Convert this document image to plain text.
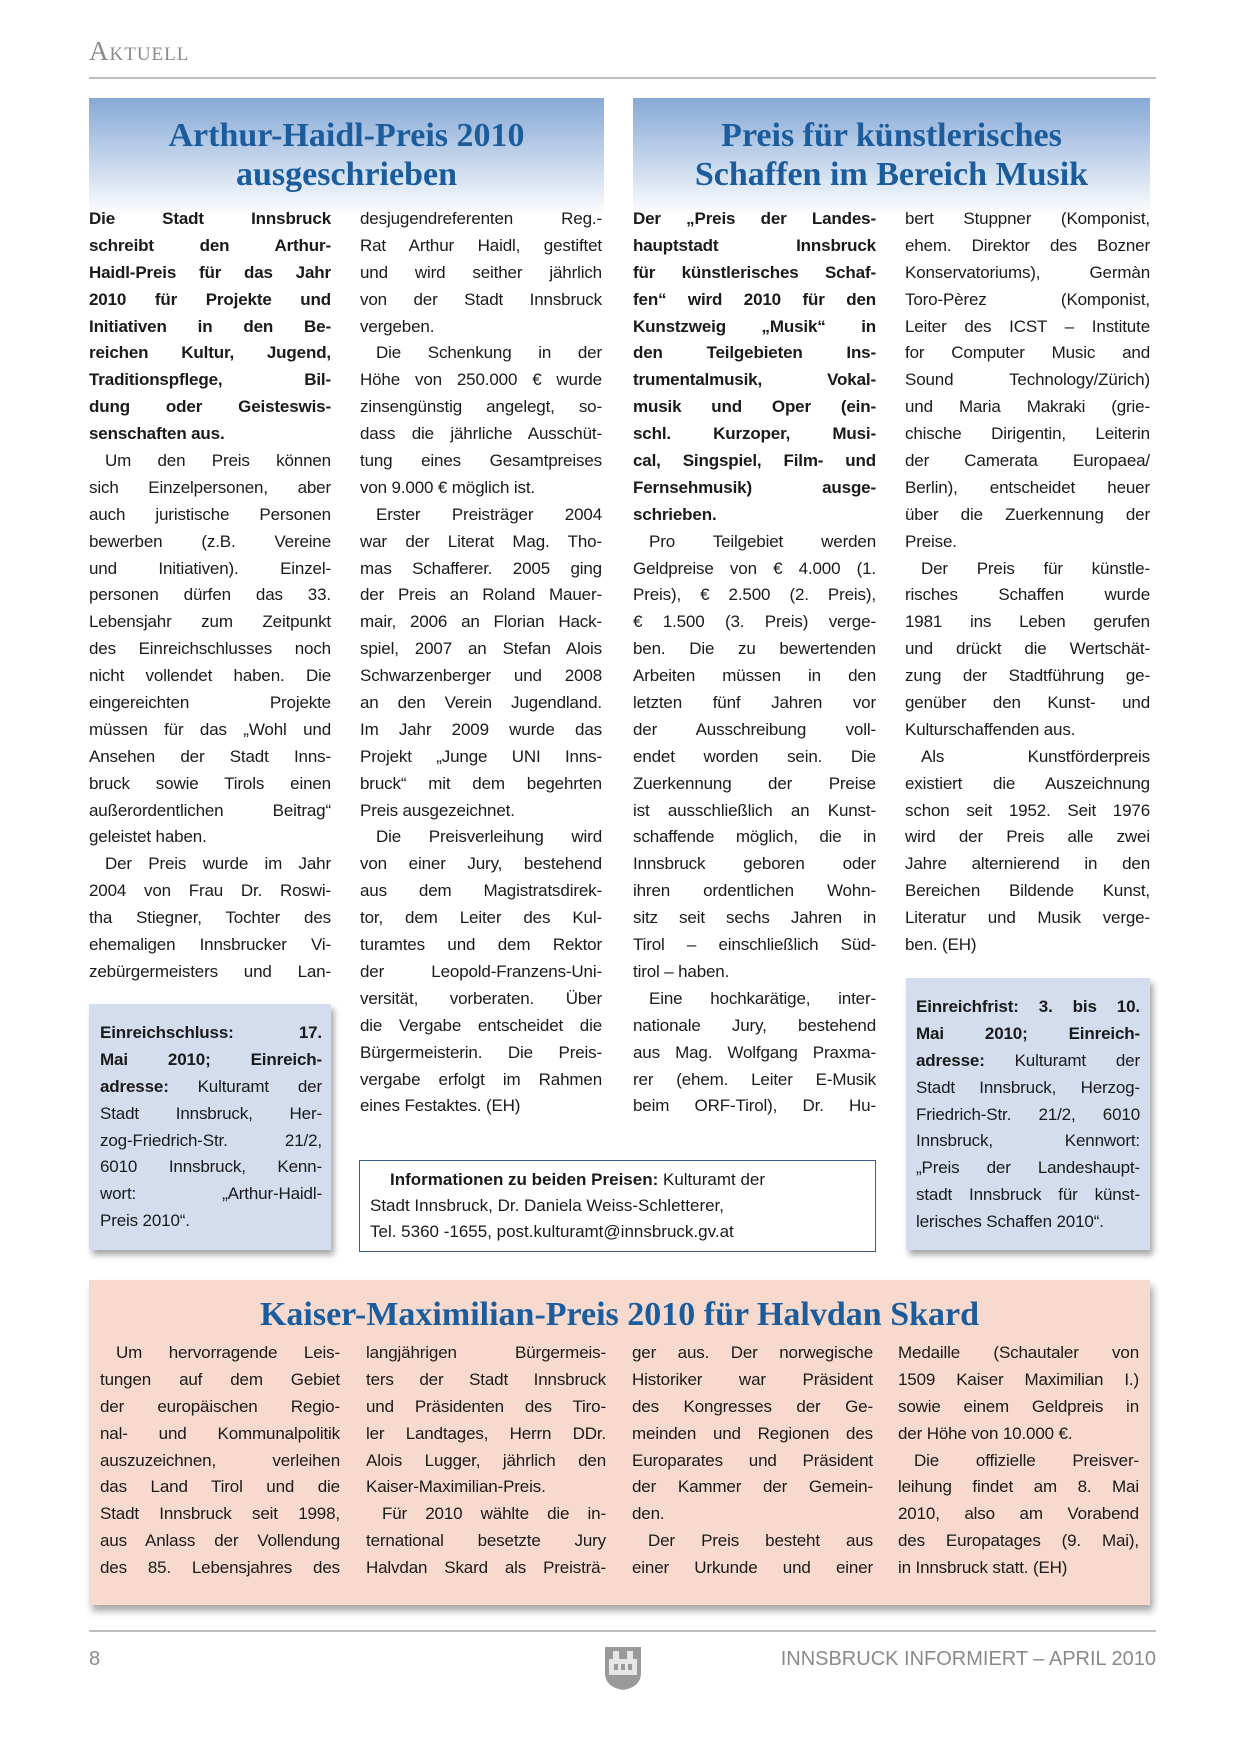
Aktuell
Arthur-Haidl-Preis 2010
ausgeschrieben
Die Stadt Innsbruck
schreibt den Arthur-
Haidl-Preis für das Jahr
2010 für Projekte und
Initiativen in den Be-
reichen Kultur, Jugend,
Traditionspflege, Bil-
dung oder Geisteswis-
senschaften aus.
Um den Preis können
sich Einzelpersonen, aber
auch juristische Personen
bewerben (z.B. Vereine
und Initiativen). Einzel-
personen dürfen das 33.
Lebensjahr zum Zeitpunkt
des Einreichschlusses noch
nicht vollendet haben. Die
eingereichten Projekte
müssen für das „Wohl und
Ansehen der Stadt Inns-
bruck sowie Tirols einen
außerordentlichen Beitrag“
geleistet haben.
Der Preis wurde im Jahr
2004 von Frau Dr. Roswi-
tha Stiegner, Tochter des
ehemaligen Innsbrucker Vi-
zebürgermeisters und Lan-
desjugendreferenten Reg.-
Rat Arthur Haidl, gestiftet
und wird seither jährlich
von der Stadt Innsbruck
vergeben.
Die Schenkung in der
Höhe von 250.000 € wurde
zinsengünstig angelegt, so-
dass die jährliche Ausschüt-
tung eines Gesamtpreises
von 9.000 € möglich ist.
Erster Preisträger 2004
war der Literat Mag. Tho-
mas Schafferer. 2005 ging
der Preis an Roland Mauer-
mair, 2006 an Florian Hack-
spiel, 2007 an Stefan Alois
Schwarzenberger und 2008
an den Verein Jugendland.
Im Jahr 2009 wurde das
Projekt „Junge UNI Inns-
bruck“ mit dem begehrten
Preis ausgezeichnet.
Die Preisverleihung wird
von einer Jury, bestehend
aus dem Magistratsdirek-
tor, dem Leiter des Kul-
turamtes und dem Rektor
der Leopold-Franzens-Uni-
versität, vorberaten. Über
die Vergabe entscheidet die
Bürgermeisterin. Die Preis-
vergabe erfolgt im Rahmen
eines Festaktes. (EH)
Einreichschluss: 17.
Mai 2010; Einreich-
adresse: Kulturamt der
Stadt Innsbruck, Her-
zog-Friedrich-Str. 21/2,
6010 Innsbruck, Kenn-
wort: „Arthur-Haidl-
Preis 2010“.
Preis für künstlerisches
Schaffen im Bereich Musik
Der „Preis der Landes-
hauptstadt Innsbruck
für künstlerisches Schaf-
fen“ wird 2010 für den
Kunstzweig „Musik“ in
den Teilgebieten Ins-
trumentalmusik, Vokal-
musik und Oper (ein-
schl. Kurzoper, Musi-
cal, Singspiel, Film- und
Fernsehmusik) ausge-
schrieben.
Pro Teilgebiet werden
Geldpreise von € 4.000 (1.
Preis), € 2.500 (2. Preis),
€ 1.500 (3. Preis) verge-
ben. Die zu bewertenden
Arbeiten müssen in den
letzten fünf Jahren vor
der Ausschreibung voll-
endet worden sein. Die
Zuerkennung der Preise
ist ausschließlich an Kunst-
schaffende möglich, die in
Innsbruck geboren oder
ihren ordentlichen Wohn-
sitz seit sechs Jahren in
Tirol – einschließlich Süd-
tirol – haben.
Eine hochkarätige, inter-
nationale Jury, bestehend
aus Mag. Wolfgang Praxma-
rer (ehem. Leiter E-Musik
beim ORF-Tirol), Dr. Hu-
bert Stuppner (Komponist,
ehem. Direktor des Bozner
Konservatoriums), Germàn
Toro-Pèrez (Komponist,
Leiter des ICST – Institute
for Computer Music and
Sound Technology/Zürich)
und Maria Makraki (grie-
chische Dirigentin, Leiterin
der Camerata Europaea/
Berlin), entscheidet heuer
über die Zuerkennung der
Preise.
Der Preis für künstle-
risches Schaffen wurde
1981 ins Leben gerufen
und drückt die Wertschät-
zung der Stadtführung ge-
genüber den Kunst- und
Kulturschaffenden aus.
Als Kunstförderpreis
existiert die Auszeichnung
schon seit 1952. Seit 1976
wird der Preis alle zwei
Jahre alternierend in den
Bereichen Bildende Kunst,
Literatur und Musik verge-
ben. (EH)
Einreichfrist: 3. bis 10.
Mai 2010; Einreich-
adresse: Kulturamt der
Stadt Innsbruck, Herzog-
Friedrich-Str. 21/2, 6010
Innsbruck, Kennwort:
„Preis der Landeshaupt-
stadt Innsbruck für künst-
lerisches Schaffen 2010“.
Informationen zu beiden Preisen: Kulturamt der
Stadt Innsbruck, Dr. Daniela Weiss-Schletterer,
Tel. 5360 -1655, post.kulturamt@innsbruck.gv.at
Kaiser-Maximilian-Preis 2010 für Halvdan Skard
Um hervorragende Leis-
tungen auf dem Gebiet
der europäischen Regio-
nal- und Kommunalpolitik
auszuzeichnen, verleihen
das Land Tirol und die
Stadt Innsbruck seit 1998,
aus Anlass der Vollendung
des 85. Lebensjahres des
langjährigen Bürgermeis-
ters der Stadt Innsbruck
und Präsidenten des Tiro-
ler Landtages, Herrn DDr.
Alois Lugger, jährlich den
Kaiser-Maximilian-Preis.
Für 2010 wählte die in-
ternational besetzte Jury
Halvdan Skard als Preisträ-
ger aus. Der norwegische
Historiker war Präsident
des Kongresses der Ge-
meinden und Regionen des
Europarates und Präsident
der Kammer der Gemein-
den.
Der Preis besteht aus
einer Urkunde und einer
Medaille (Schautaler von
1509 Kaiser Maximilian I.)
sowie einem Geldpreis in
der Höhe von 10.000 €.
Die offizielle Preisver-
leihung findet am 8. Mai
2010, also am Vorabend
des Europatages (9. Mai),
in Innsbruck statt. (EH)
8	INNSBRUCK INFORMIERT – APRIL 2010
